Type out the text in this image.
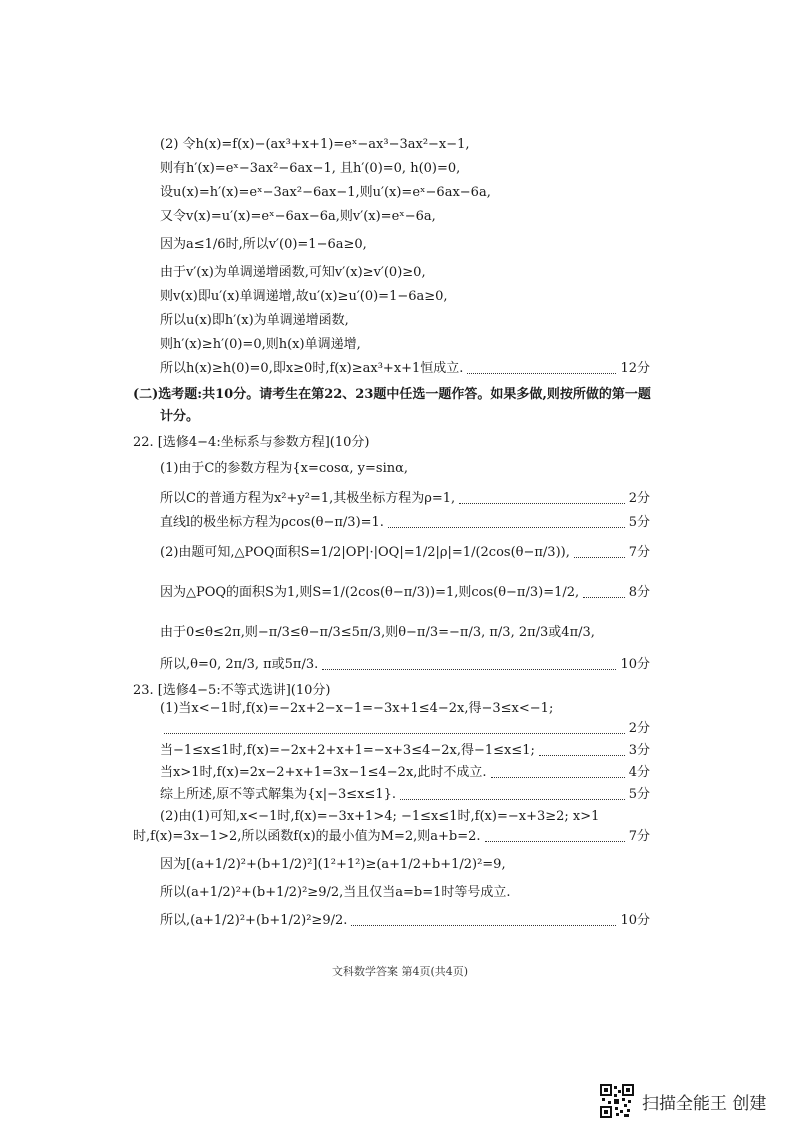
(2) 令h(x)=f(x)−(ax³+x+1)=eˣ−ax³−3ax²−x−1,
则有h′(x)=eˣ−3ax²−6ax−1, 且h′(0)=0, h(0)=0,
设u(x)=h′(x)=eˣ−3ax²−6ax−1,则u′(x)=eˣ−6ax−6a,
又令v(x)=u′(x)=eˣ−6ax−6a,则v′(x)=eˣ−6a,
因为a≤1/6时,所以v′(0)=1−6a≥0,
由于v′(x)为单调递增函数,可知v′(x)≥v′(0)≥0,
则v(x)即u′(x)单调递增,故u′(x)≥u′(0)=1−6a≥0,
所以u(x)即h′(x)为单调递增函数,
则h′(x)≥h′(0)=0,则h(x)单调递增,
所以h(x)≥h(0)=0,即x≥0时,f(x)≥ax³+x+1恒成立.	12分
(二)选考题:共10分。请考生在第22、23题中任选一题作答。如果多做,则按所做的第一题
计分。
22. [选修4−4:坐标系与参数方程](10分)
(1)由于C的参数方程为{x=cosα, y=sinα,
所以C的普通方程为x²+y²=1,其极坐标方程为ρ=1,	2分
直线l的极坐标方程为ρcos(θ−π/3)=1.	5分
(2)由题可知,△POQ面积S=1/2|OP|·|OQ|=1/2|ρ|=1/(2cos(θ−π/3)),	7分
因为△POQ的面积S为1,则S=1/(2cos(θ−π/3))=1,则cos(θ−π/3)=1/2,	8分
由于0≤θ≤2π,则−π/3≤θ−π/3≤5π/3,则θ−π/3=−π/3, π/3, 2π/3或4π/3,
所以,θ=0, 2π/3, π或5π/3.	10分
23. [选修4−5:不等式选讲](10分)
(1)当x<−1时,f(x)=−2x+2−x−1=−3x+1≤4−2x,得−3≤x<−1;
2分
当−1≤x≤1时,f(x)=−2x+2+x+1=−x+3≤4−2x,得−1≤x≤1;	3分
当x>1时,f(x)=2x−2+x+1=3x−1≤4−2x,此时不成立.	4分
综上所述,原不等式解集为{x|−3≤x≤1}.	5分
(2)由(1)可知,x<−1时,f(x)=−3x+1>4; −1≤x≤1时,f(x)=−x+3≥2; x>1
时,f(x)=3x−1>2,所以函数f(x)的最小值为M=2,则a+b=2.	7分
因为[(a+1/2)²+(b+1/2)²](1²+1²)≥(a+1/2+b+1/2)²=9,
所以(a+1/2)²+(b+1/2)²≥9/2,当且仅当a=b=1时等号成立.
所以,(a+1/2)²+(b+1/2)²≥9/2.	10分
文科数学答案 第4页(共4页)
扫描全能王 创建
